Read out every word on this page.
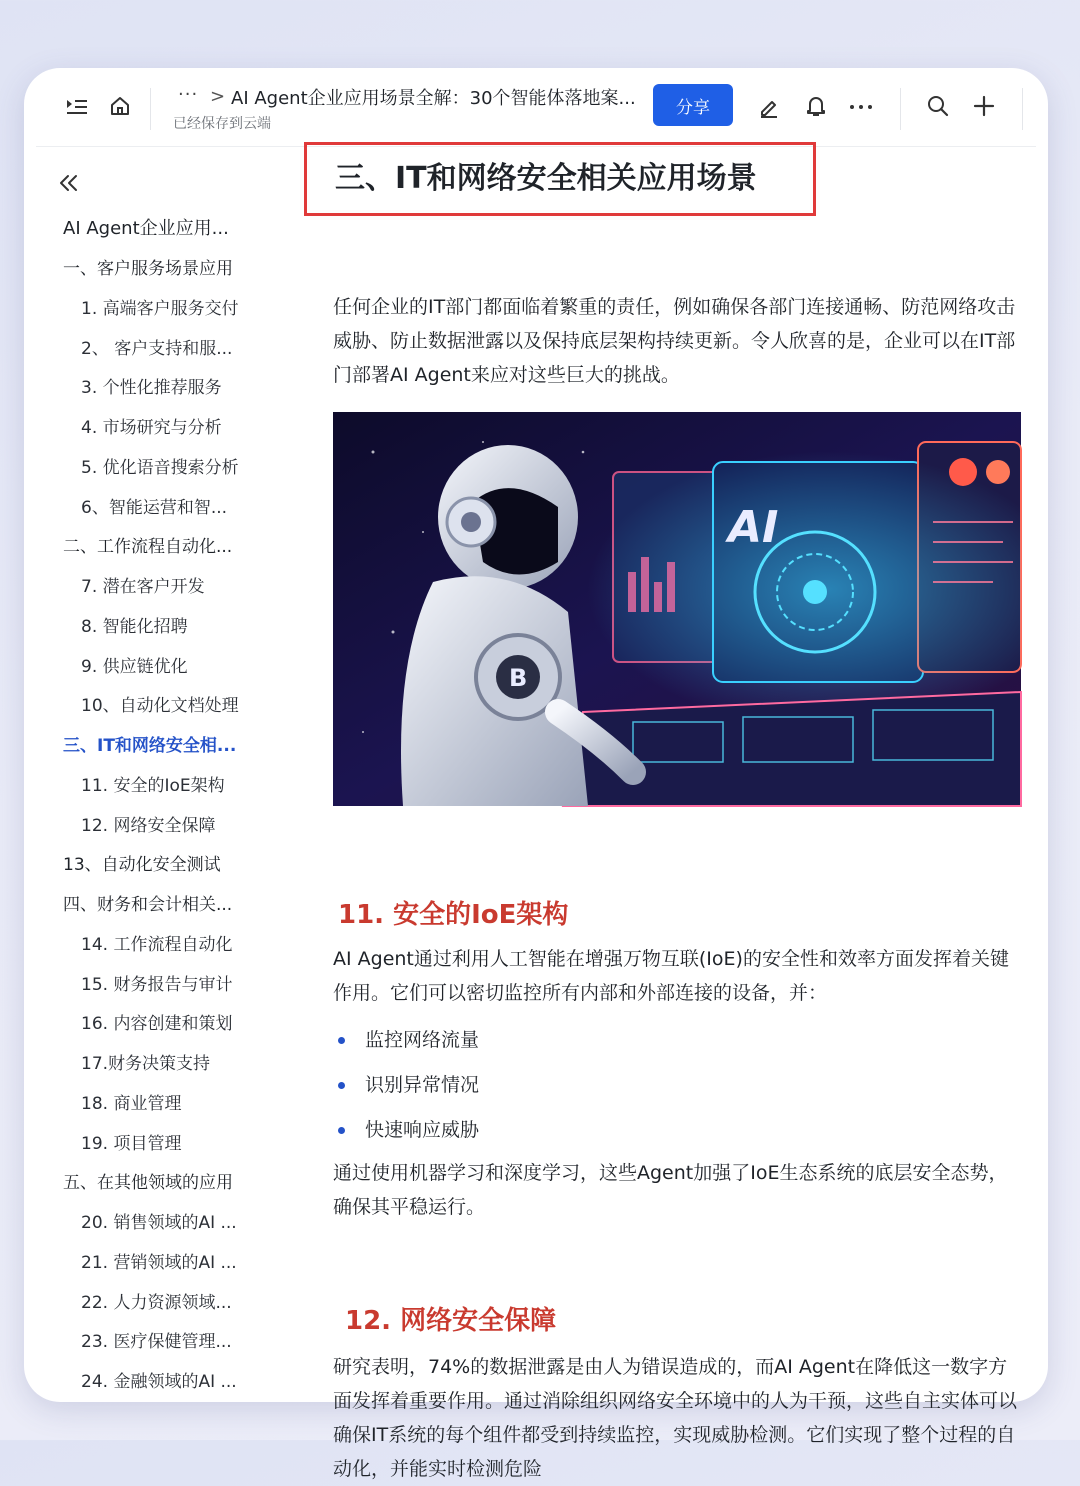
··· > AI Agent企业应用场景全解：30个智能体落地案...
已经保存到云端
分享
AI Agent企业应用...
一、客户服务场景应用
1. 高端客户服务交付
2、 客户支持和服...
3. 个性化推荐服务
4. 市场研究与分析
5. 优化语音搜索分析
6、智能运营和智...
二、工作流程自动化...
7. 潜在客户开发
8. 智能化招聘
9. 供应链优化
10、自动化文档处理
三、IT和网络安全相...
11. 安全的IoE架构
12. 网络安全保障
13、自动化安全测试
四、财务和会计相关...
14. 工作流程自动化
15. 财务报告与审计
16. 内容创建和策划
17.财务决策支持
18. 商业管理
19. 项目管理
五、在其他领域的应用
20. 销售领域的AI ...
21. 营销领域的AI ...
22. 人力资源领域...
23. 医疗保健管理...
24. 金融领域的AI ...
三、IT和网络安全相关应用场景
任何企业的IT部门都面临着繁重的责任，例如确保各部门连接通畅、防范网络攻击威胁、防止数据泄露以及保持底层架构持续更新。令人欣喜的是，企业可以在IT部门部署AI Agent来应对这些巨大的挑战。
AI
B
11. 安全的IoE架构
AI Agent通过利用人工智能在增强万物互联(IoE)的安全性和效率方面发挥着关键作用。它们可以密切监控所有内部和外部连接的设备，并：
监控网络流量
识别异常情况
快速响应威胁
通过使用机器学习和深度学习，这些Agent加强了IoE生态系统的底层安全态势，确保其平稳运行。
12. 网络安全保障
研究表明，74%的数据泄露是由人为错误造成的，而AI Agent在降低这一数字方面发挥着重要作用。通过消除组织网络安全环境中的人为干预，这些自主实体可以确保IT系统的每个组件都受到持续监控，实现威胁检测。它们实现了整个过程的自动化，并能实时检测危险
